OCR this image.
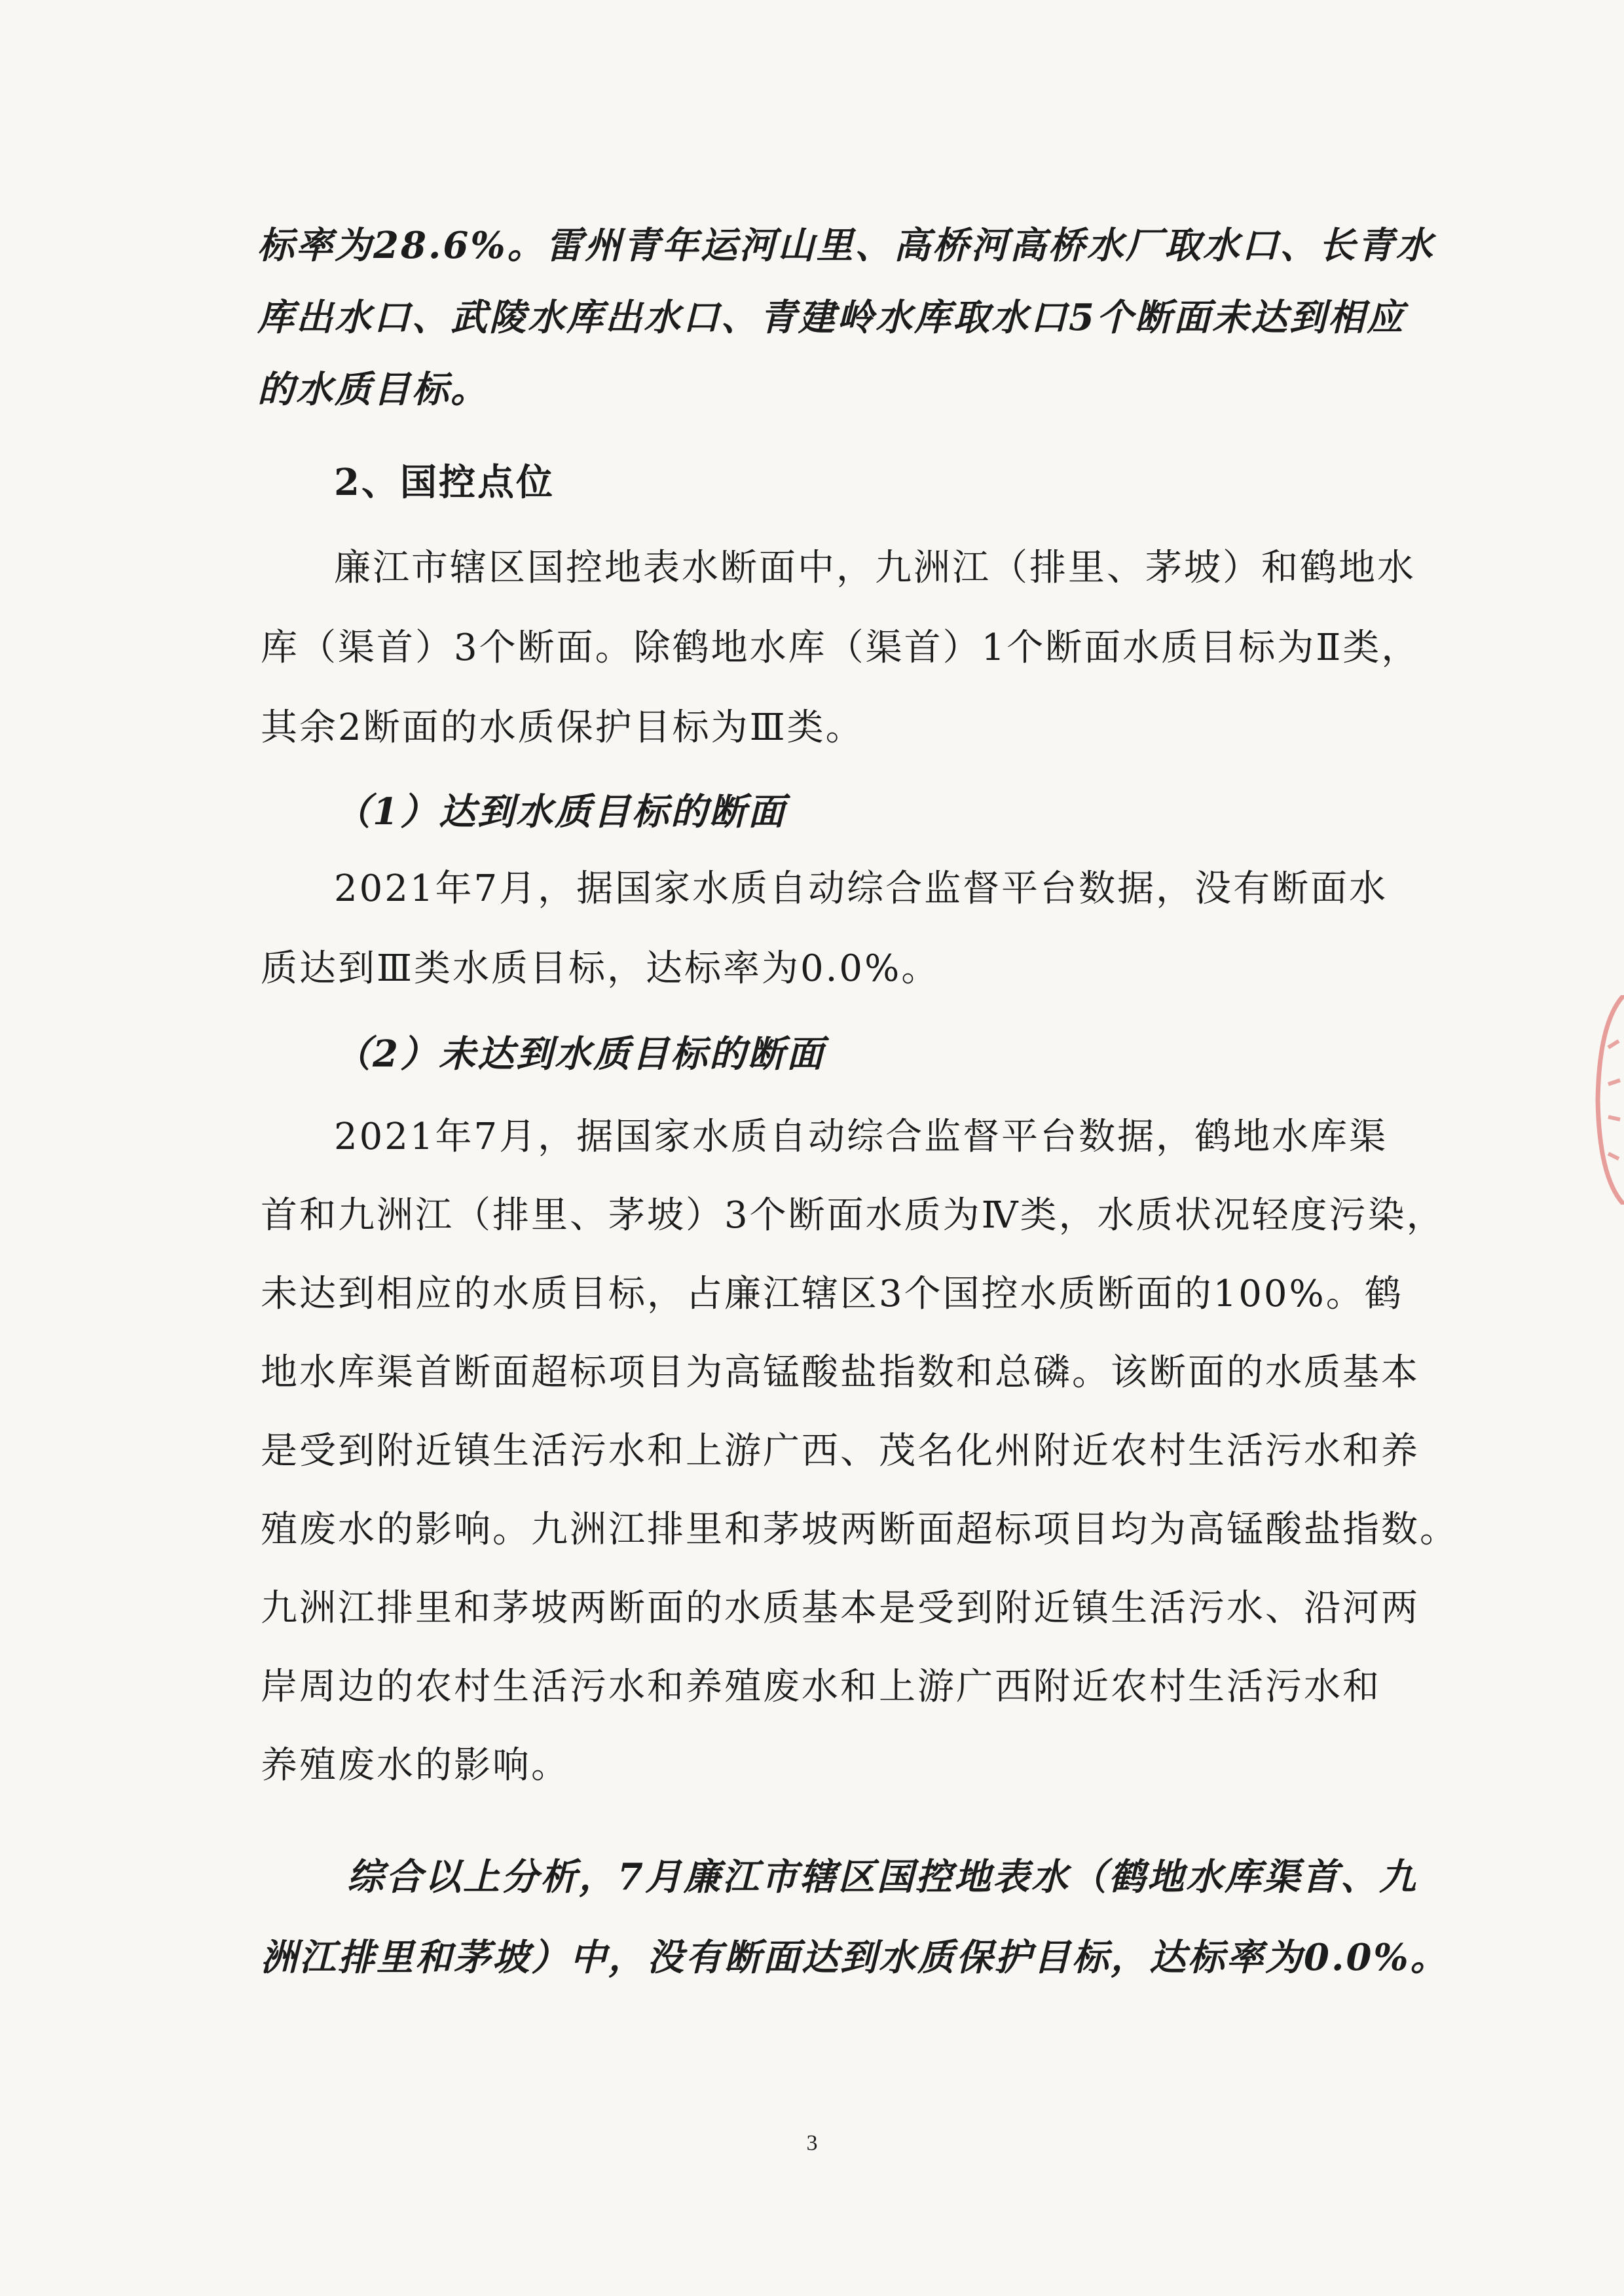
标率为28.6%。雷州青年运河山里、高桥河高桥水厂取水口、长青水
库出水口、武陵水库出水口、青建岭水库取水口5个断面未达到相应
的水质目标。
2、国控点位
廉江市辖区国控地表水断面中，九洲江（排里、茅坡）和鹤地水
库（渠首）3个断面。除鹤地水库（渠首）1个断面水质目标为Ⅱ类，
其余2断面的水质保护目标为Ⅲ类。
（1）达到水质目标的断面
2021年7月，据国家水质自动综合监督平台数据，没有断面水
质达到Ⅲ类水质目标，达标率为0.0%。
（2）未达到水质目标的断面
2021年7月，据国家水质自动综合监督平台数据，鹤地水库渠
首和九洲江（排里、茅坡）3个断面水质为Ⅳ类，水质状况轻度污染，
未达到相应的水质目标，占廉江辖区3个国控水质断面的100%。鹤
地水库渠首断面超标项目为高锰酸盐指数和总磷。该断面的水质基本
是受到附近镇生活污水和上游广西、茂名化州附近农村生活污水和养
殖废水的影响。九洲江排里和茅坡两断面超标项目均为高锰酸盐指数。
九洲江排里和茅坡两断面的水质基本是受到附近镇生活污水、沿河两
岸周边的农村生活污水和养殖废水和上游广西附近农村生活污水和
养殖废水的影响。
综合以上分析，7月廉江市辖区国控地表水（鹤地水库渠首、九
洲江排里和茅坡）中，没有断面达到水质保护目标，达标率为0.0%。
3
